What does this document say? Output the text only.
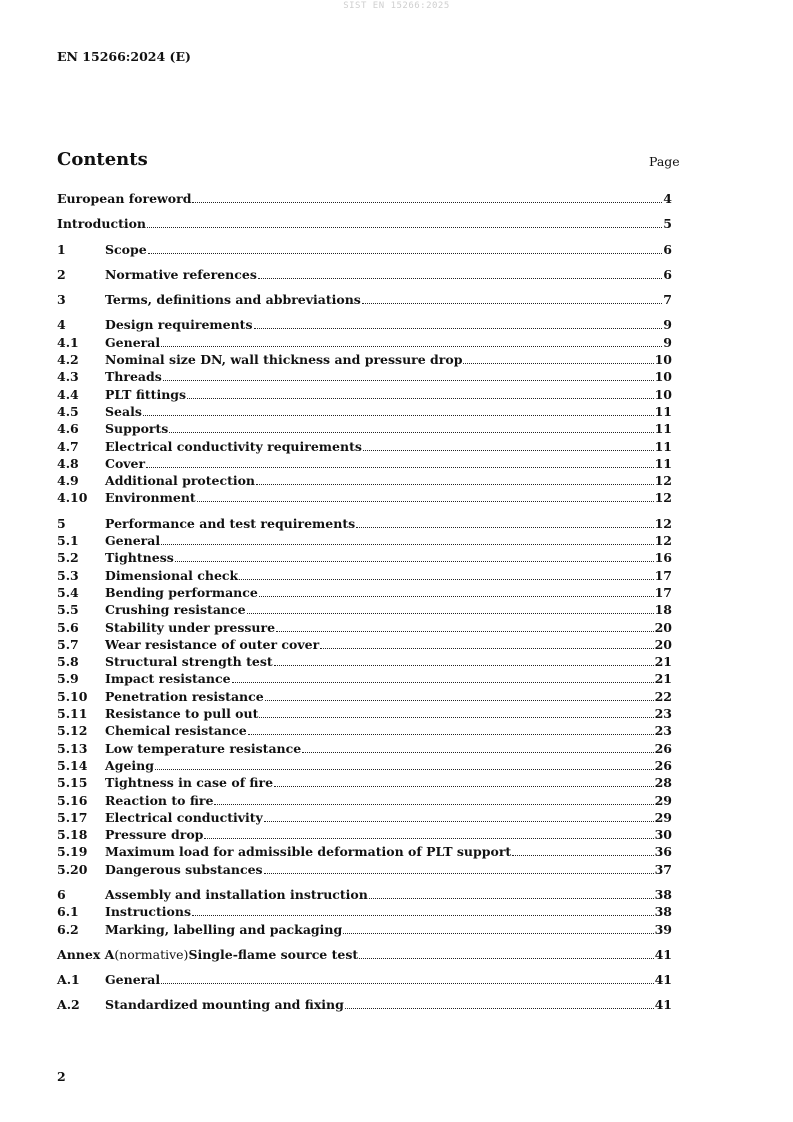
SIST EN 15266:2025
EN 15266:2024 (E)
Contents	Page
European foreword	4
Introduction	5
1	Scope	6
2	Normative references	6
3	Terms, definitions and abbreviations	7
4	Design requirements	9
4.1	General	9
4.2	Nominal size DN, wall thickness and pressure drop	10
4.3	Threads	10
4.4	PLT fittings	10
4.5	Seals	11
4.6	Supports	11
4.7	Electrical conductivity requirements	11
4.8	Cover	11
4.9	Additional protection	12
4.10	Environment	12
5	Performance and test requirements	12
5.1	General	12
5.2	Tightness	16
5.3	Dimensional check	17
5.4	Bending performance	17
5.5	Crushing resistance	18
5.6	Stability under pressure	20
5.7	Wear resistance of outer cover	20
5.8	Structural strength test	21
5.9	Impact resistance	21
5.10	Penetration resistance	22
5.11	Resistance to pull out	23
5.12	Chemical resistance	23
5.13	Low temperature resistance	26
5.14	Ageing	26
5.15	Tightness in case of fire	28
5.16	Reaction to fire	29
5.17	Electrical conductivity	29
5.18	Pressure drop	30
5.19	Maximum load for admissible deformation of PLT support	36
5.20	Dangerous substances	37
6	Assembly and installation instruction	38
6.1	Instructions	38
6.2	Marking, labelling and packaging	39
Annex A (normative) Single-flame source test	41
A.1	General	41
A.2	Standardized mounting and fixing	41
2
